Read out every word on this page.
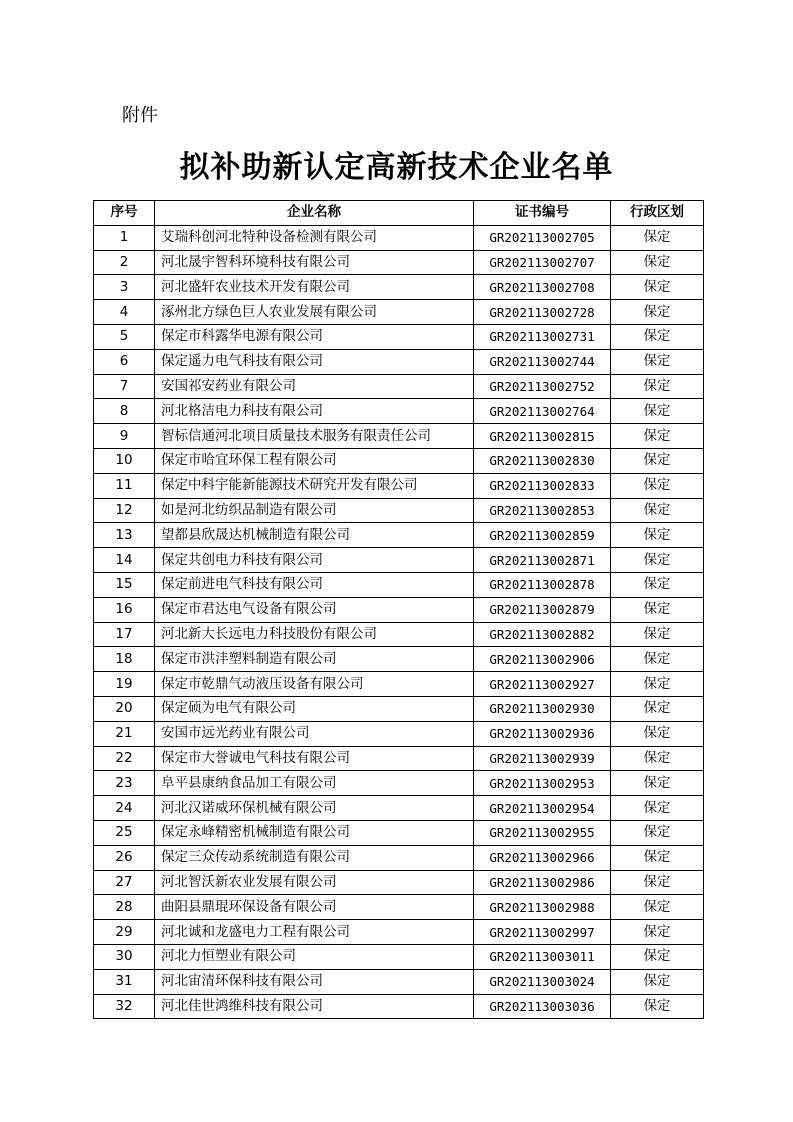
附件
拟补助新认定高新技术企业名单
序号	企业名称	证书编号	行政区划
1	艾瑞科创河北特种设备检测有限公司	GR202113002705	保定
2	河北晟宇智科环境科技有限公司	GR202113002707	保定
3	河北盛轩农业技术开发有限公司	GR202113002708	保定
4	涿州北方绿色巨人农业发展有限公司	GR202113002728	保定
5	保定市科露华电源有限公司	GR202113002731	保定
6	保定遥力电气科技有限公司	GR202113002744	保定
7	安国祁安药业有限公司	GR202113002752	保定
8	河北格洁电力科技有限公司	GR202113002764	保定
9	智标信通河北项目质量技术服务有限责任公司	GR202113002815	保定
10	保定市哈宜环保工程有限公司	GR202113002830	保定
11	保定中科宇能新能源技术研究开发有限公司	GR202113002833	保定
12	如是河北纺织品制造有限公司	GR202113002853	保定
13	望都县欣晟达机械制造有限公司	GR202113002859	保定
14	保定共创电力科技有限公司	GR202113002871	保定
15	保定前进电气科技有限公司	GR202113002878	保定
16	保定市君达电气设备有限公司	GR202113002879	保定
17	河北新大长远电力科技股份有限公司	GR202113002882	保定
18	保定市洪沣塑料制造有限公司	GR202113002906	保定
19	保定市乾鼎气动液压设备有限公司	GR202113002927	保定
20	保定硕为电气有限公司	GR202113002930	保定
21	安国市远光药业有限公司	GR202113002936	保定
22	保定市大誉诚电气科技有限公司	GR202113002939	保定
23	阜平县康纳食品加工有限公司	GR202113002953	保定
24	河北汉诺威环保机械有限公司	GR202113002954	保定
25	保定永峰精密机械制造有限公司	GR202113002955	保定
26	保定三众传动系统制造有限公司	GR202113002966	保定
27	河北智沃新农业发展有限公司	GR202113002986	保定
28	曲阳县鼎琨环保设备有限公司	GR202113002988	保定
29	河北诚和龙盛电力工程有限公司	GR202113002997	保定
30	河北力恒塑业有限公司	GR202113003011	保定
31	河北宙清环保科技有限公司	GR202113003024	保定
32	河北佳世鸿维科技有限公司	GR202113003036	保定
